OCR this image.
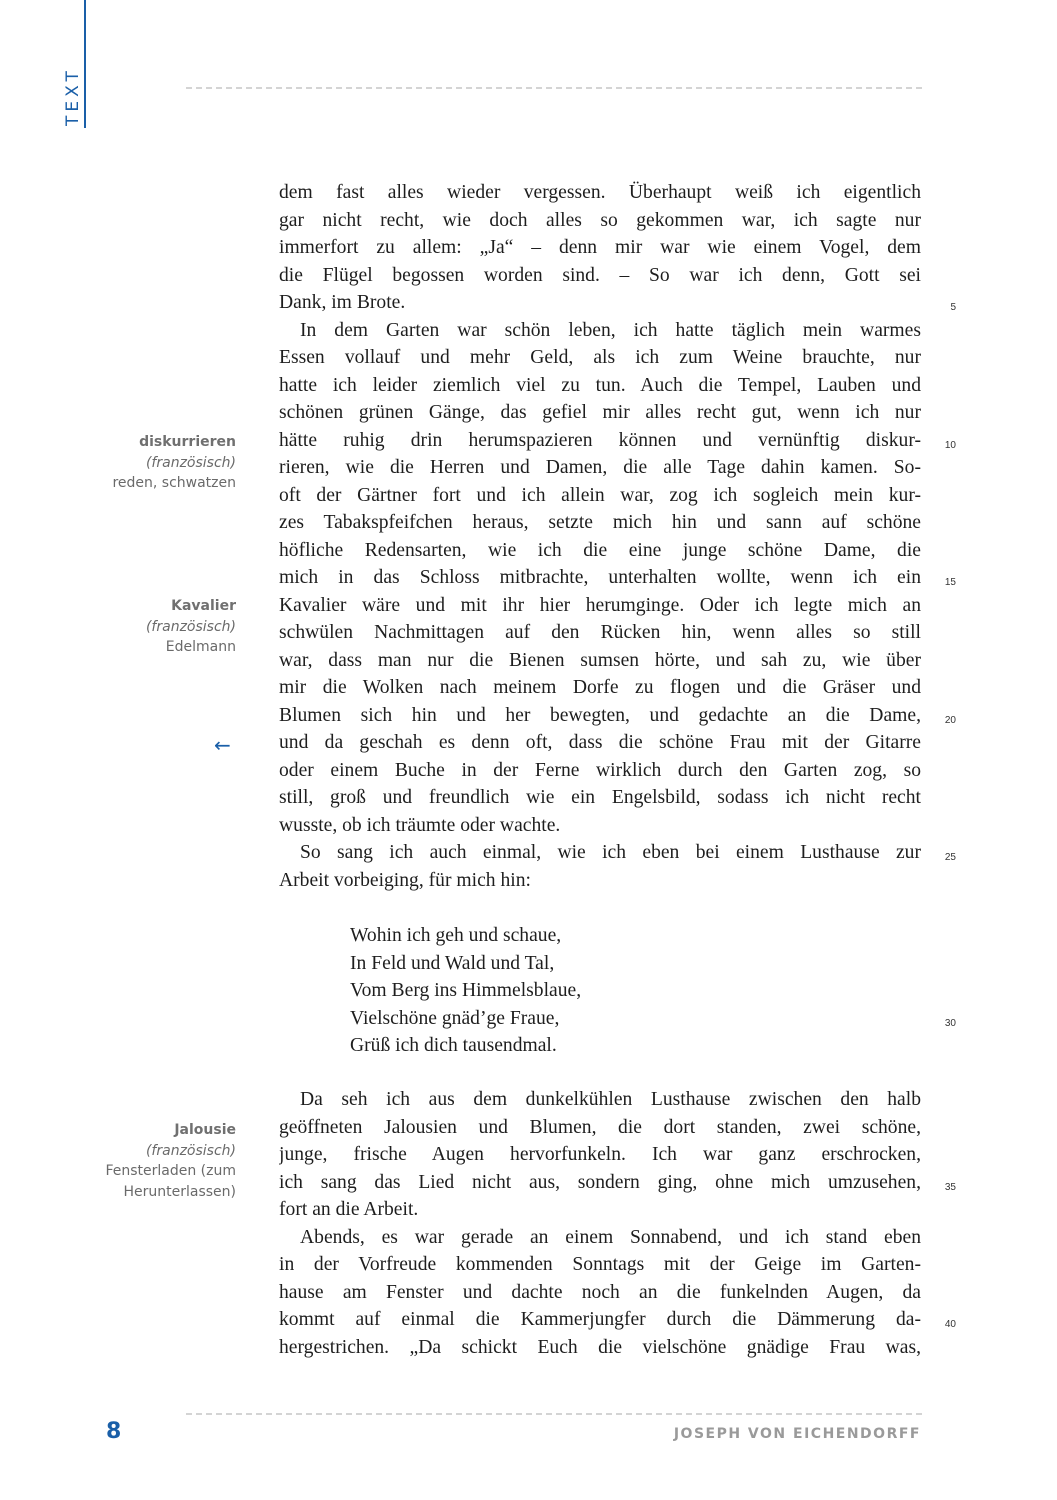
TEXT
dem fast alles wieder vergessen. Überhaupt weiß ich eigentlich
gar nicht recht, wie doch alles so gekommen war, ich sagte nur
immerfort zu allem: „Ja“ – denn mir war wie einem Vogel, dem
die Flügel begossen worden sind. – So war ich denn, Gott sei
Dank, im Brote.
In dem Garten war schön leben, ich hatte täglich mein warmes
Essen vollauf und mehr Geld, als ich zum Weine brauchte, nur
hatte ich leider ziemlich viel zu tun. Auch die Tempel, Lauben und
schönen grünen Gänge, das gefiel mir alles recht gut, wenn ich nur
hätte ruhig drin herumspazieren können und vernünftig diskur-
rieren, wie die Herren und Damen, die alle Tage dahin kamen. So-
oft der Gärtner fort und ich allein war, zog ich sogleich mein kur-
zes Tabakspfeifchen heraus, setzte mich hin und sann auf schöne
höfliche Redensarten, wie ich die eine junge schöne Dame, die
mich in das Schloss mitbrachte, unterhalten wollte, wenn ich ein
Kavalier wäre und mit ihr hier herumginge. Oder ich legte mich an
schwülen Nachmittagen auf den Rücken hin, wenn alles so still
war, dass man nur die Bienen sumsen hörte, und sah zu, wie über
mir die Wolken nach meinem Dorfe zu flogen und die Gräser und
Blumen sich hin und her bewegten, und gedachte an die Dame,
und da geschah es denn oft, dass die schöne Frau mit der Gitarre
oder einem Buche in der Ferne wirklich durch den Garten zog, so
still, groß und freundlich wie ein Engelsbild, sodass ich nicht recht
wusste, ob ich träumte oder wachte.
So sang ich auch einmal, wie ich eben bei einem Lusthause zur
Arbeit vorbeiging, für mich hin:
Wohin ich geh und schaue,
In Feld und Wald und Tal,
Vom Berg ins Himmelsblaue,
Vielschöne gnäd’ge Fraue,
Grüß ich dich tausendmal.
Da seh ich aus dem dunkelkühlen Lusthause zwischen den halb
geöffneten Jalousien und Blumen, die dort standen, zwei schöne,
junge, frische Augen hervorfunkeln. Ich war ganz erschrocken,
ich sang das Lied nicht aus, sondern ging, ohne mich umzusehen,
fort an die Arbeit.
Abends, es war gerade an einem Sonnabend, und ich stand eben
in der Vorfreude kommenden Sonntags mit der Geige im Garten-
hause am Fenster und dachte noch an die funkelnden Augen, da
kommt auf einmal die Kammerjungfer durch die Dämmerung da-
hergestrichen. „Da schickt Euch die vielschöne gnädige Frau was,
5
10
15
20
25
30
35
40
diskurrieren
(französisch)
reden, schwatzen
Kavalier
(französisch)
Edelmann
←
Jalousie
(französisch)
Fensterladen (zum
Herunterlassen)
8	JOSEPH VON EICHENDORFF
